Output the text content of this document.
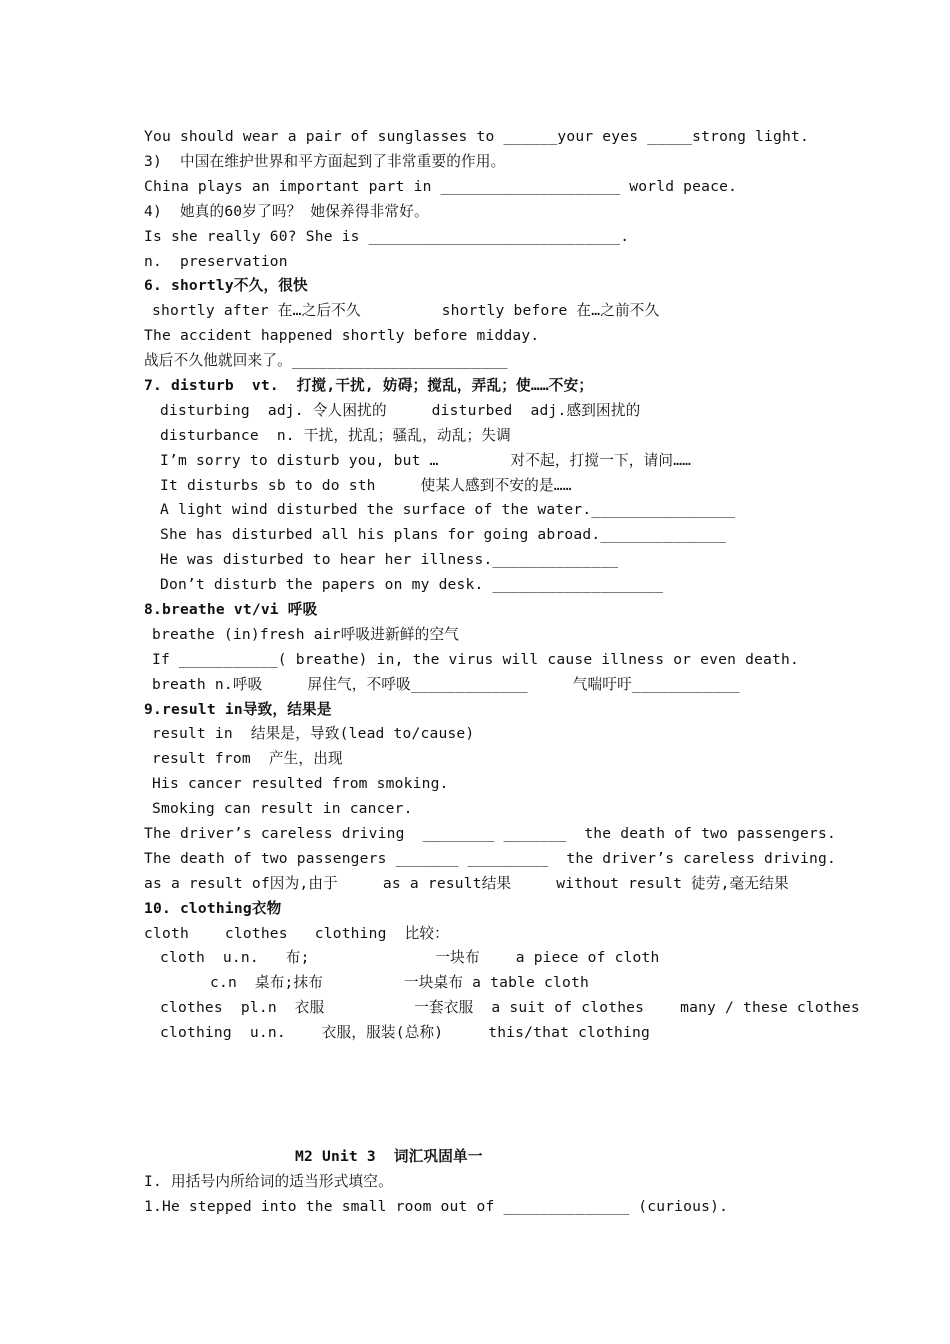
You should wear a pair of sunglasses to ______your eyes _____strong light.
3)  中国在维护世界和平方面起到了非常重要的作用。
China plays an important part in ____________________ world peace.
4)  她真的60岁了吗？ 她保养得非常好。
Is she really 60? She is ____________________________.
n.  preservation
6. shortly不久，很快
shortly after 在…之后不久         shortly before 在…之前不久
The accident happened shortly before midday.
战后不久他就回来了。________________________
7. disturb  vt.  打搅,干扰, 妨碍；搅乱，弄乱；使……不安；
disturbing  adj. 令人困扰的     disturbed  adj.感到困扰的
disturbance  n. 干扰，扰乱；骚乱，动乱；失调
I’m sorry to disturb you, but …        对不起，打搅一下，请问……
It disturbs sb to do sth     使某人感到不安的是……
A light wind disturbed the surface of the water.________________
She has disturbed all his plans for going abroad.______________
He was disturbed to hear her illness.______________
Don’t disturb the papers on my desk. ___________________
8.breathe vt/vi 呼吸
breathe (in)fresh air呼吸进新鲜的空气
If ___________( breathe) in, the virus will cause illness or even death.
breath n.呼吸     屏住气，不呼吸_____________     气喘吁吁____________
9.result in导致，结果是
result in  结果是，导致(lead to/cause)
result from  产生，出现
His cancer resulted from smoking.
Smoking can result in cancer.
The driver’s careless driving  ________ _______  the death of two passengers.
The death of two passengers _______ _________  the driver’s careless driving.
as a result of因为,由于     as a result结果     without result 徒劳,毫无结果
10. clothing衣物
cloth    clothes   clothing  比较：
cloth  u.n.   布;              一块布    a piece of cloth
c.n  桌布;抹布         一块桌布 a table cloth
clothes  pl.n  衣服          一套衣服  a suit of clothes    many / these clothes
clothing  u.n.    衣服，服装(总称)     this/that clothing
M2 Unit 3  词汇巩固单一
I. 用括号内所给词的适当形式填空。
1.He stepped into the small room out of ______________ (curious).
